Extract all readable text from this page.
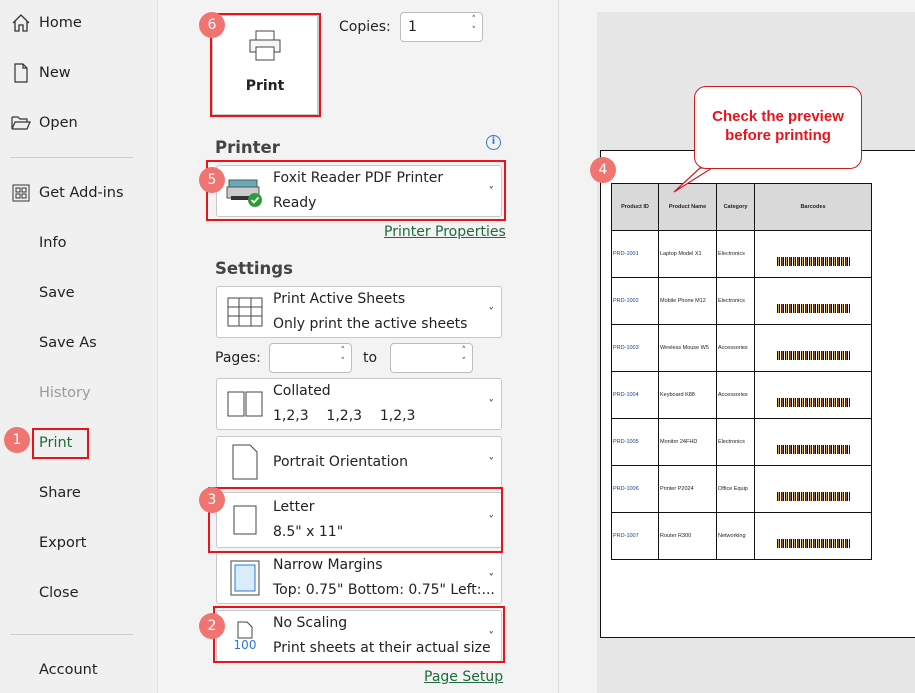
Home
New
Open
Get Add-ins
Info
Save
Save As
History
Print
Share
Export
Close
Account
Print
Copies: 1	˄
˅
Printer	i
Foxit Reader PDF Printer
Ready
˅
Printer Properties
Settings
Print Active Sheets
Only print the active sheets
˅
Pages:	˄
˅ to	˄
˅
Collated
1,2,3    1,2,3    1,2,3
˅
Portrait Orientation	˅
Letter
8.5" x 11"
˅
Narrow Margins
Top: 0.75" Bottom: 0.75" Left:...
˅
100
No Scaling
Print sheets at their actual size
˅
Page Setup
Product ID	Product Name	Category	Barcodes
PRD-1001	Laptop Model X1	Electronics	

PRD-1002	Mobile Phone M12	Electronics	

PRD-1003	Wireless Mouse W5	Accessories	

PRD-1004	Keyboard K88	Accessories	

PRD-1005	Monitor 24FHD	Electronics	

PRD-1006	Printer P2024	Office Equip	

PRD-1007	Router R300	Networking	
Check the preview before printing
1
2
3
4
5
6
